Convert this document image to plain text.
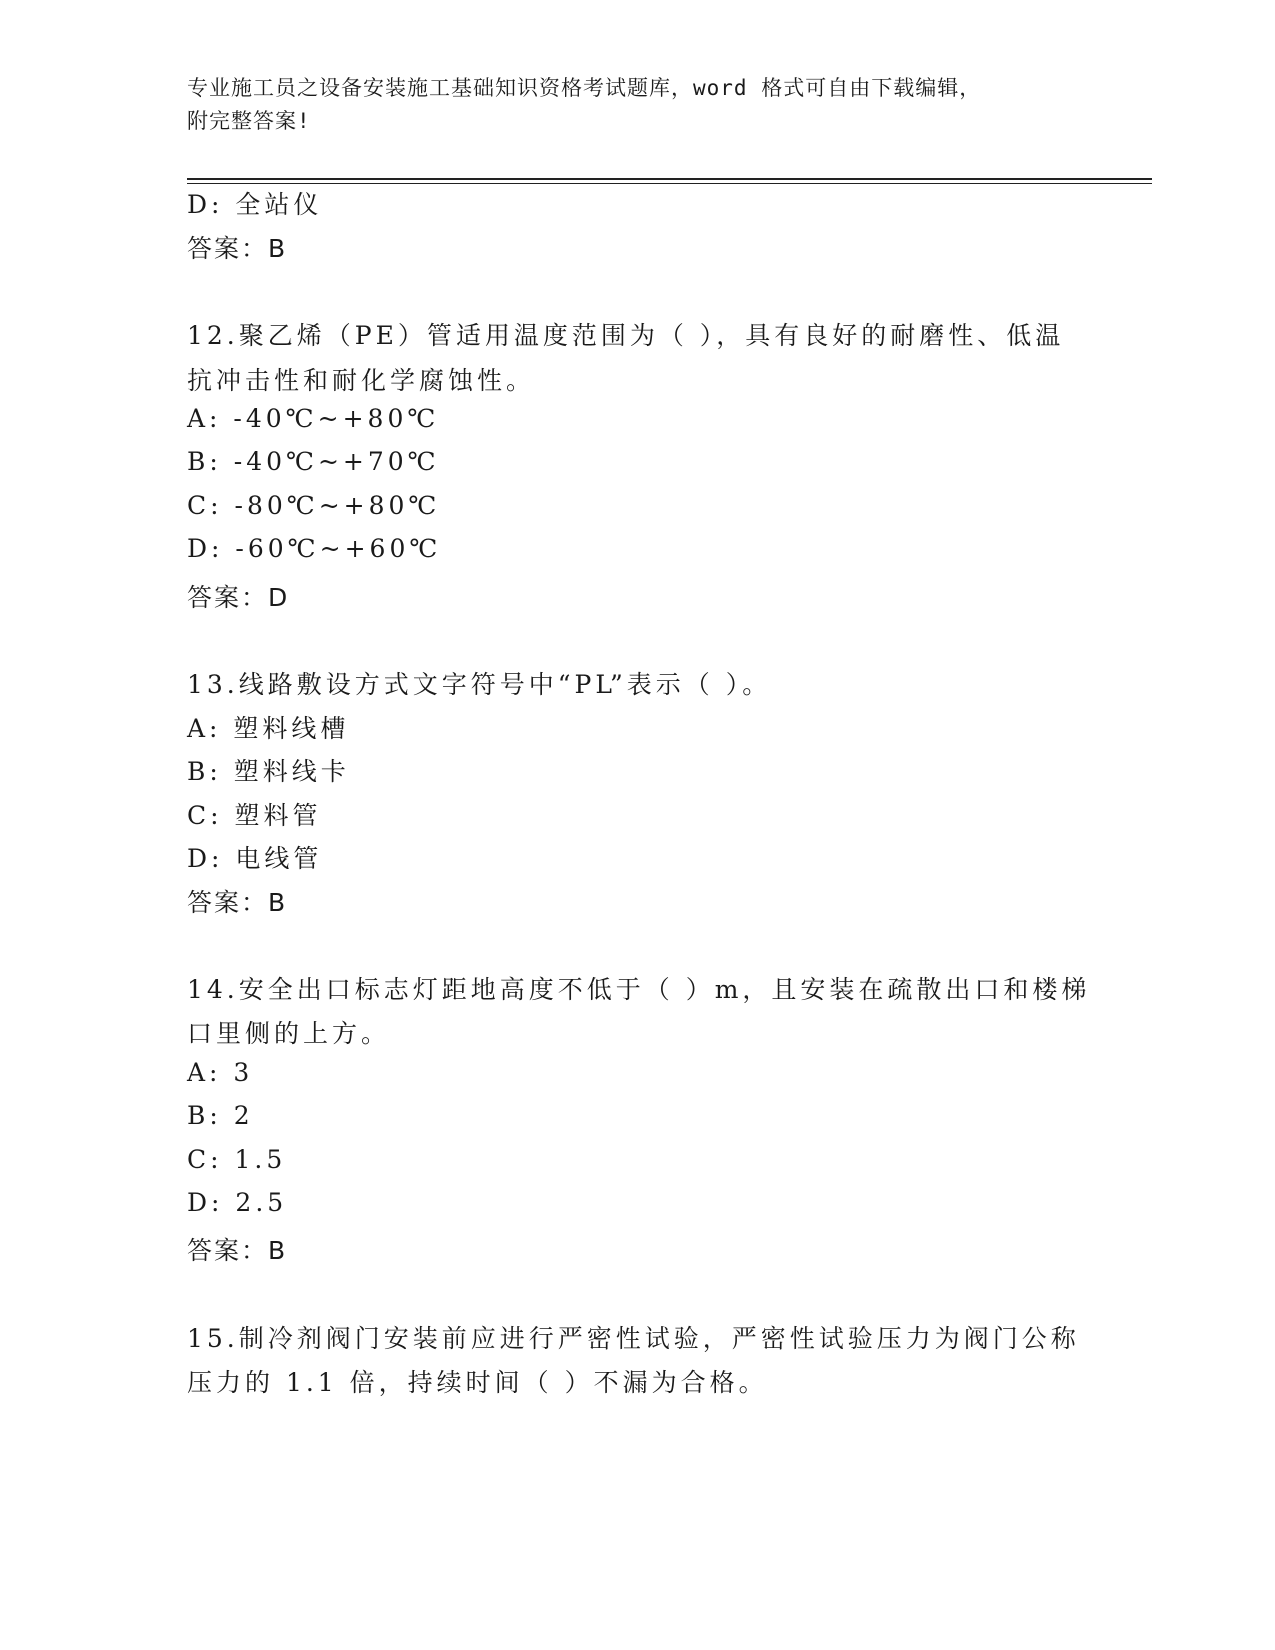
专业施工员之设备安装施工基础知识资格考试题库，word 格式可自由下载编辑，
附完整答案!
D: 全站仪
答案：B
12.聚乙烯（PE）管适用温度范围为（ ），具有良好的耐磨性、低温
抗冲击性和耐化学腐蚀性。
A: -40℃~+80℃
B: -40℃~+70℃
C: -80℃~+80℃
D: -60℃~+60℃
答案：D
13.线路敷设方式文字符号中“PL”表示（ ）。
A: 塑料线槽
B: 塑料线卡
C: 塑料管
D: 电线管
答案：B
14.安全出口标志灯距地高度不低于（ ）m，且安装在疏散出口和楼梯
口里侧的上方。
A: 3
B: 2
C: 1.5
D: 2.5
答案：B
15.制冷剂阀门安装前应进行严密性试验，严密性试验压力为阀门公称
压力的 1.1 倍，持续时间（ ）不漏为合格。
